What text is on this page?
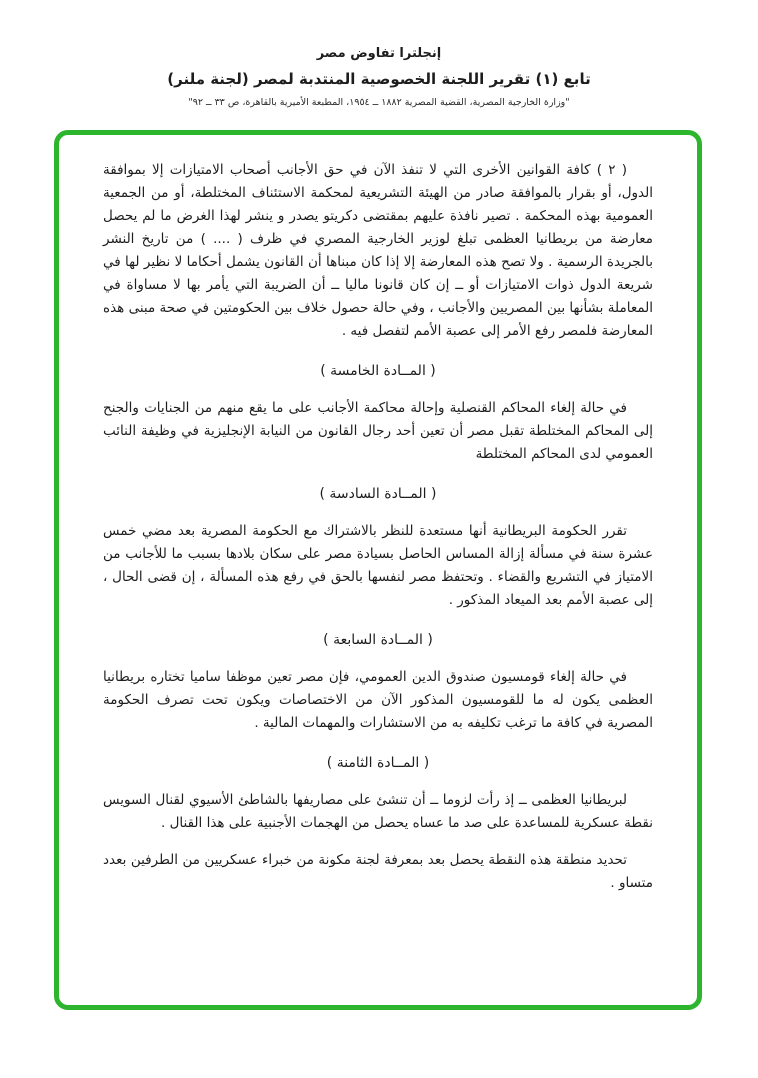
إنجلترا تفاوض مصر
تابع (١) تقرير اللجنة الخصوصية المنتدبة لمصر (لجنة ملنر)
"وزارة الخارجية المصرية، القضية المصرية ١٨٨٢ ــ ١٩٥٤، المطبعة الأميرية بالقاهرة، ص ٣٣ ــ ٩٢"

( ٢ ) كافة القوانين الأخرى التي لا تنفذ الآن في حق الأجانب أصحاب الامتيازات إلا بموافقة الدول، أو بقرار بالموافقة صادر من الهيئة التشريعية لمحكمة الاستئناف المختلطة، أو من الجمعية العمومية بهذه المحكمة . تصير نافذة عليهم بمقتضى دكريتو يصدر و ينشر لهذا الغرض ما لم يحصل معارضة من بريطانيا العظمى تبلغ لوزير الخارجية المصري في ظرف ( .... ) من تاريخ النشر بالجريدة الرسمية . ولا تصح هذه المعارضة إلا إذا كان مبناها أن القانون يشمل أحكاما لا نظير لها في شريعة الدول ذوات الامتيازات أو ــ إن كان قانونا ماليا ــ أن الضريبة التي يأمر بها لا مساواة في المعاملة بشأنها بين المصريين والأجانب ، وفي حالة حصول خلاف بين الحكومتين في صحة مبنى هذه المعارضة فلمصر رفع الأمر إلى عصبة الأمم لتفصل فيه .

( المــادة الخامسة )

في حالة إلغاء المحاكم القنصلية وإحالة محاكمة الأجانب على ما يقع منهم من الجنايات والجنح إلى المحاكم المختلطة تقبل مصر أن تعين أحد رجال القانون من النيابة الإنجليزية في وظيفة النائب العمومي لدى المحاكم المختلطة

( المــادة السادسة )

تقرر الحكومة البريطانية أنها مستعدة للنظر بالاشتراك مع الحكومة المصرية بعد مضي خمس عشرة سنة في مسألة إزالة المساس الحاصل بسيادة مصر على سكان بلادها بسبب ما للأجانب من الامتياز في التشريع والقضاء . وتحتفظ مصر لنفسها بالحق في رفع هذه المسألة ، إن قضى الحال ، إلى عصبة الأمم بعد الميعاد المذكور .

( المــادة السابعة )

في حالة إلغاء قومسيون صندوق الدين العمومي، فإن مصر تعين موظفا ساميا تختاره بريطانيا العظمى يكون له ما للقومسيون المذكور الآن من الاختصاصات ويكون تحت تصرف الحكومة المصرية في كافة ما ترغب تكليفه به من الاستشارات والمهمات المالية .

( المــادة الثامنة )

لبريطانيا العظمى ــ إذ رأت لزوما ــ أن تنشئ على مصاريفها بالشاطئ الأسيوي لقنال السويس نقطة عسكرية للمساعدة على صد ما عساه يحصل من الهجمات الأجنبية على هذا القنال .

تحديد منطقة هذه النقطة يحصل بعد بمعرفة لجنة مكونة من خبراء عسكريين من الطرفين بعدد متساو .
